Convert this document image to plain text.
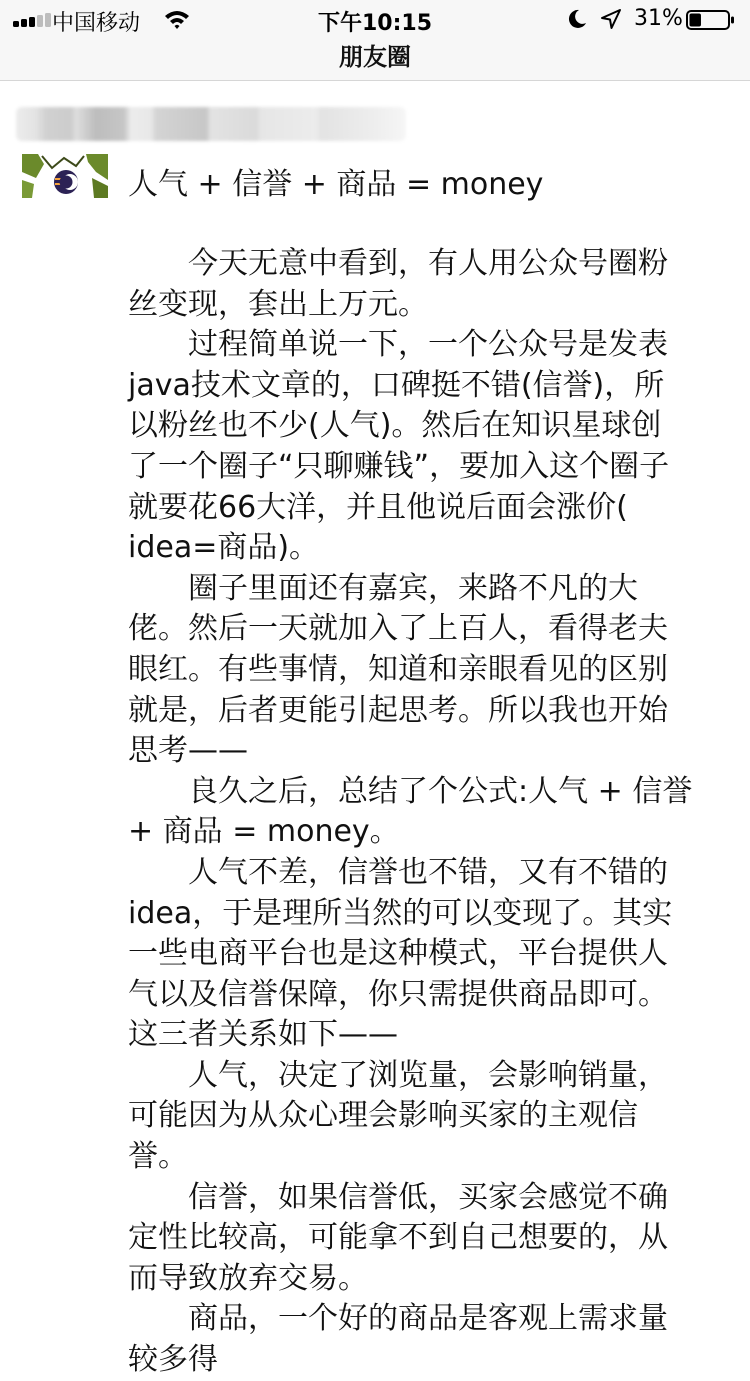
中国移动	下午10:15	31%
朋友圈
人气 + 信誉 + 商品 = money

　　今天无意中看到，有人用公众号圈粉

丝变现，套出上万元。

　　过程简单说一下，一个公众号是发表

java技术文章的，口碑挺不错(信誉)，所

以粉丝也不少(人气)。然后在知识星球创

了一个圈子“只聊赚钱”，要加入这个圈子

就要花66大洋，并且他说后面会涨价(

idea=商品)。

　　圈子里面还有嘉宾，来路不凡的大

佬。然后一天就加入了上百人，看得老夫

眼红。有些事情，知道和亲眼看见的区别

就是，后者更能引起思考。所以我也开始

思考——

　　良久之后，总结了个公式:人气 + 信誉

+ 商品 = money。

　　人气不差，信誉也不错，又有不错的

idea，于是理所当然的可以变现了。其实

一些电商平台也是这种模式，平台提供人

气以及信誉保障，你只需提供商品即可。

这三者关系如下——

　　人气，决定了浏览量，会影响销量，

可能因为从众心理会影响买家的主观信

誉。

　　信誉，如果信誉低，买家会感觉不确

定性比较高，可能拿不到自己想要的，从

而导致放弃交易。

　　商品，一个好的商品是客观上需求量

较多得
